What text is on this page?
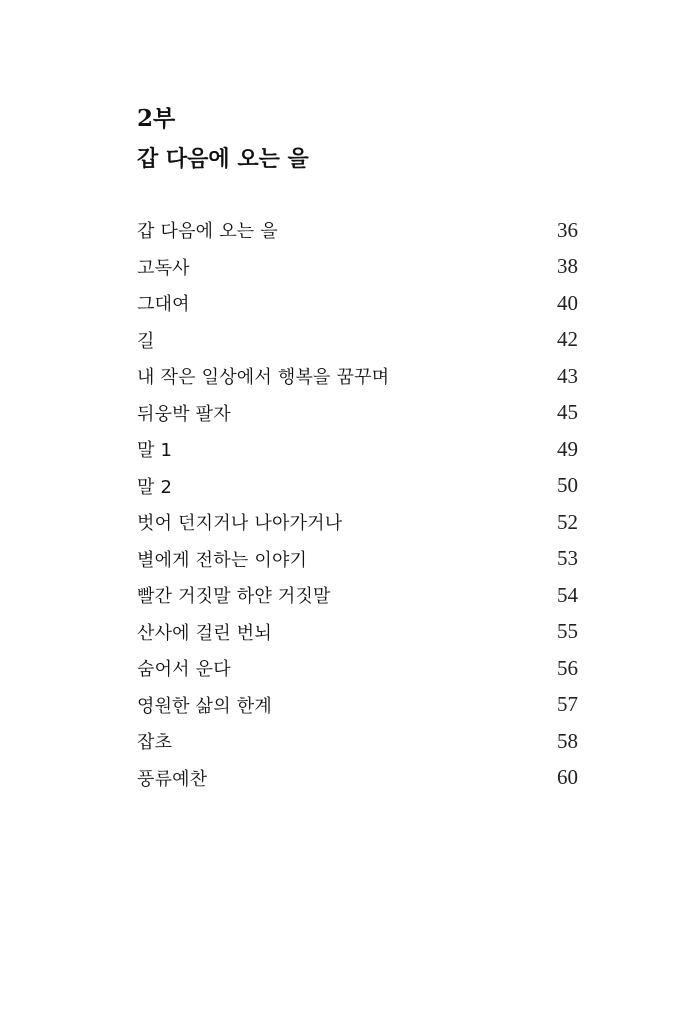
2부
갑 다음에 오는 을
갑 다음에 오는 을	36
고독사	38
그대여	40
길	42
내 작은 일상에서 행복을 꿈꾸며	43
뒤웅박 팔자	45
말 1	49
말 2	50
벗어 던지거나 나아가거나	52
별에게 전하는 이야기	53
빨간 거짓말 하얀 거짓말	54
산사에 걸린 번뇌	55
숨어서 운다	56
영원한 삶의 한계	57
잡초	58
풍류예찬	60
